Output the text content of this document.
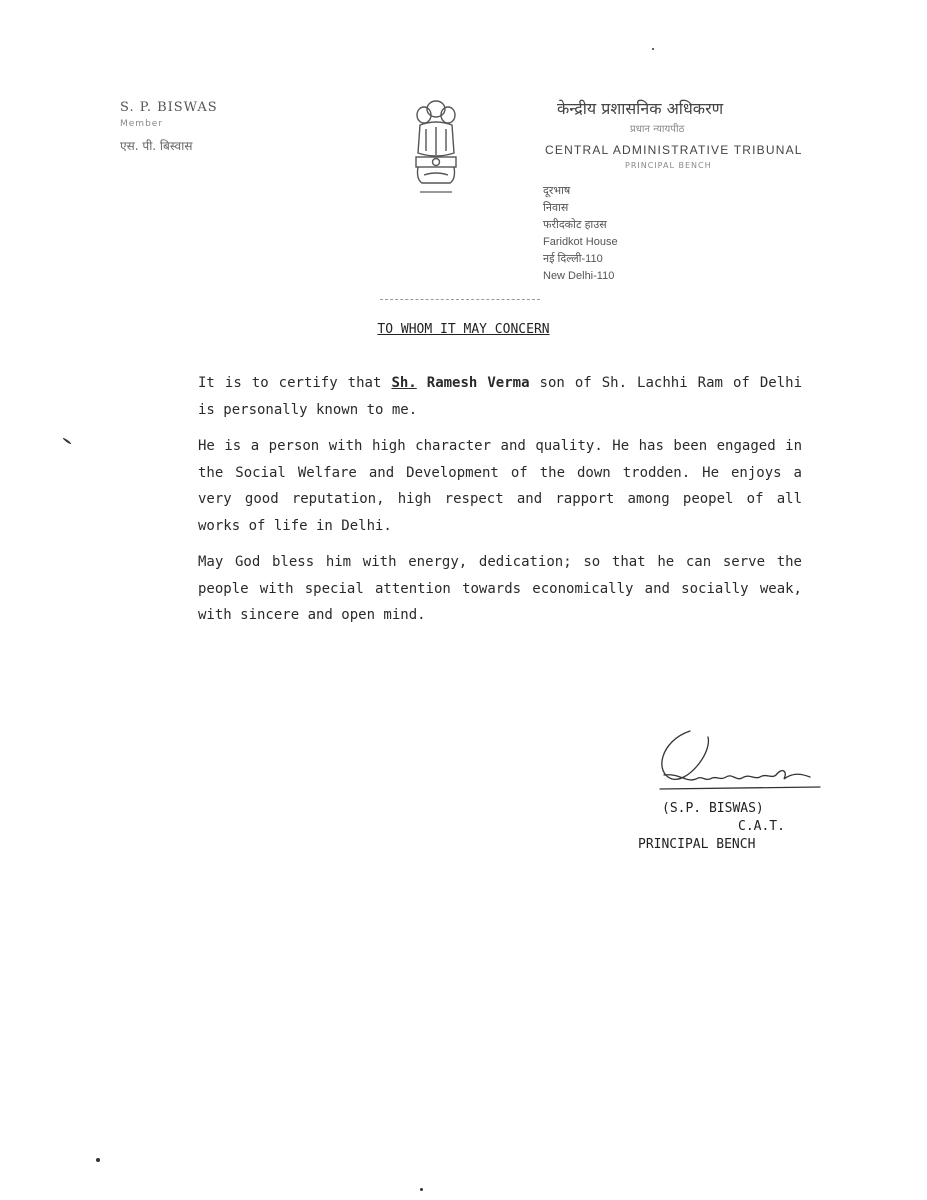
S. P. BISWAS
Member
एस. पी. बिस्वास
केन्द्रीय प्रशासनिक अधिकरण
प्रधान न्यायपीठ
CENTRAL ADMINISTRATIVE TRIBUNAL
PRINCIPAL BENCH
दूरभाष
निवास
फरीदकोट हाउस
Faridkot House
नई दिल्ली-110
New Delhi-110
TO WHOM IT MAY CONCERN

It is to certify that Sh. Ramesh Verma son of Sh. Lachhi Ram of Delhi is personally known to me.

He is a person with high character and quality. He has been engaged in the Social Welfare and Development of the down trodden. He enjoys a very good reputation, high respect and rapport among peopel of all works of life in Delhi.

May God bless him with energy, dedication; so that he can serve the people with special attention towards economically and socially weak, with sincere and open mind.

(S.P. BISWAS)
C.A.T.
PRINCIPAL BENCH
